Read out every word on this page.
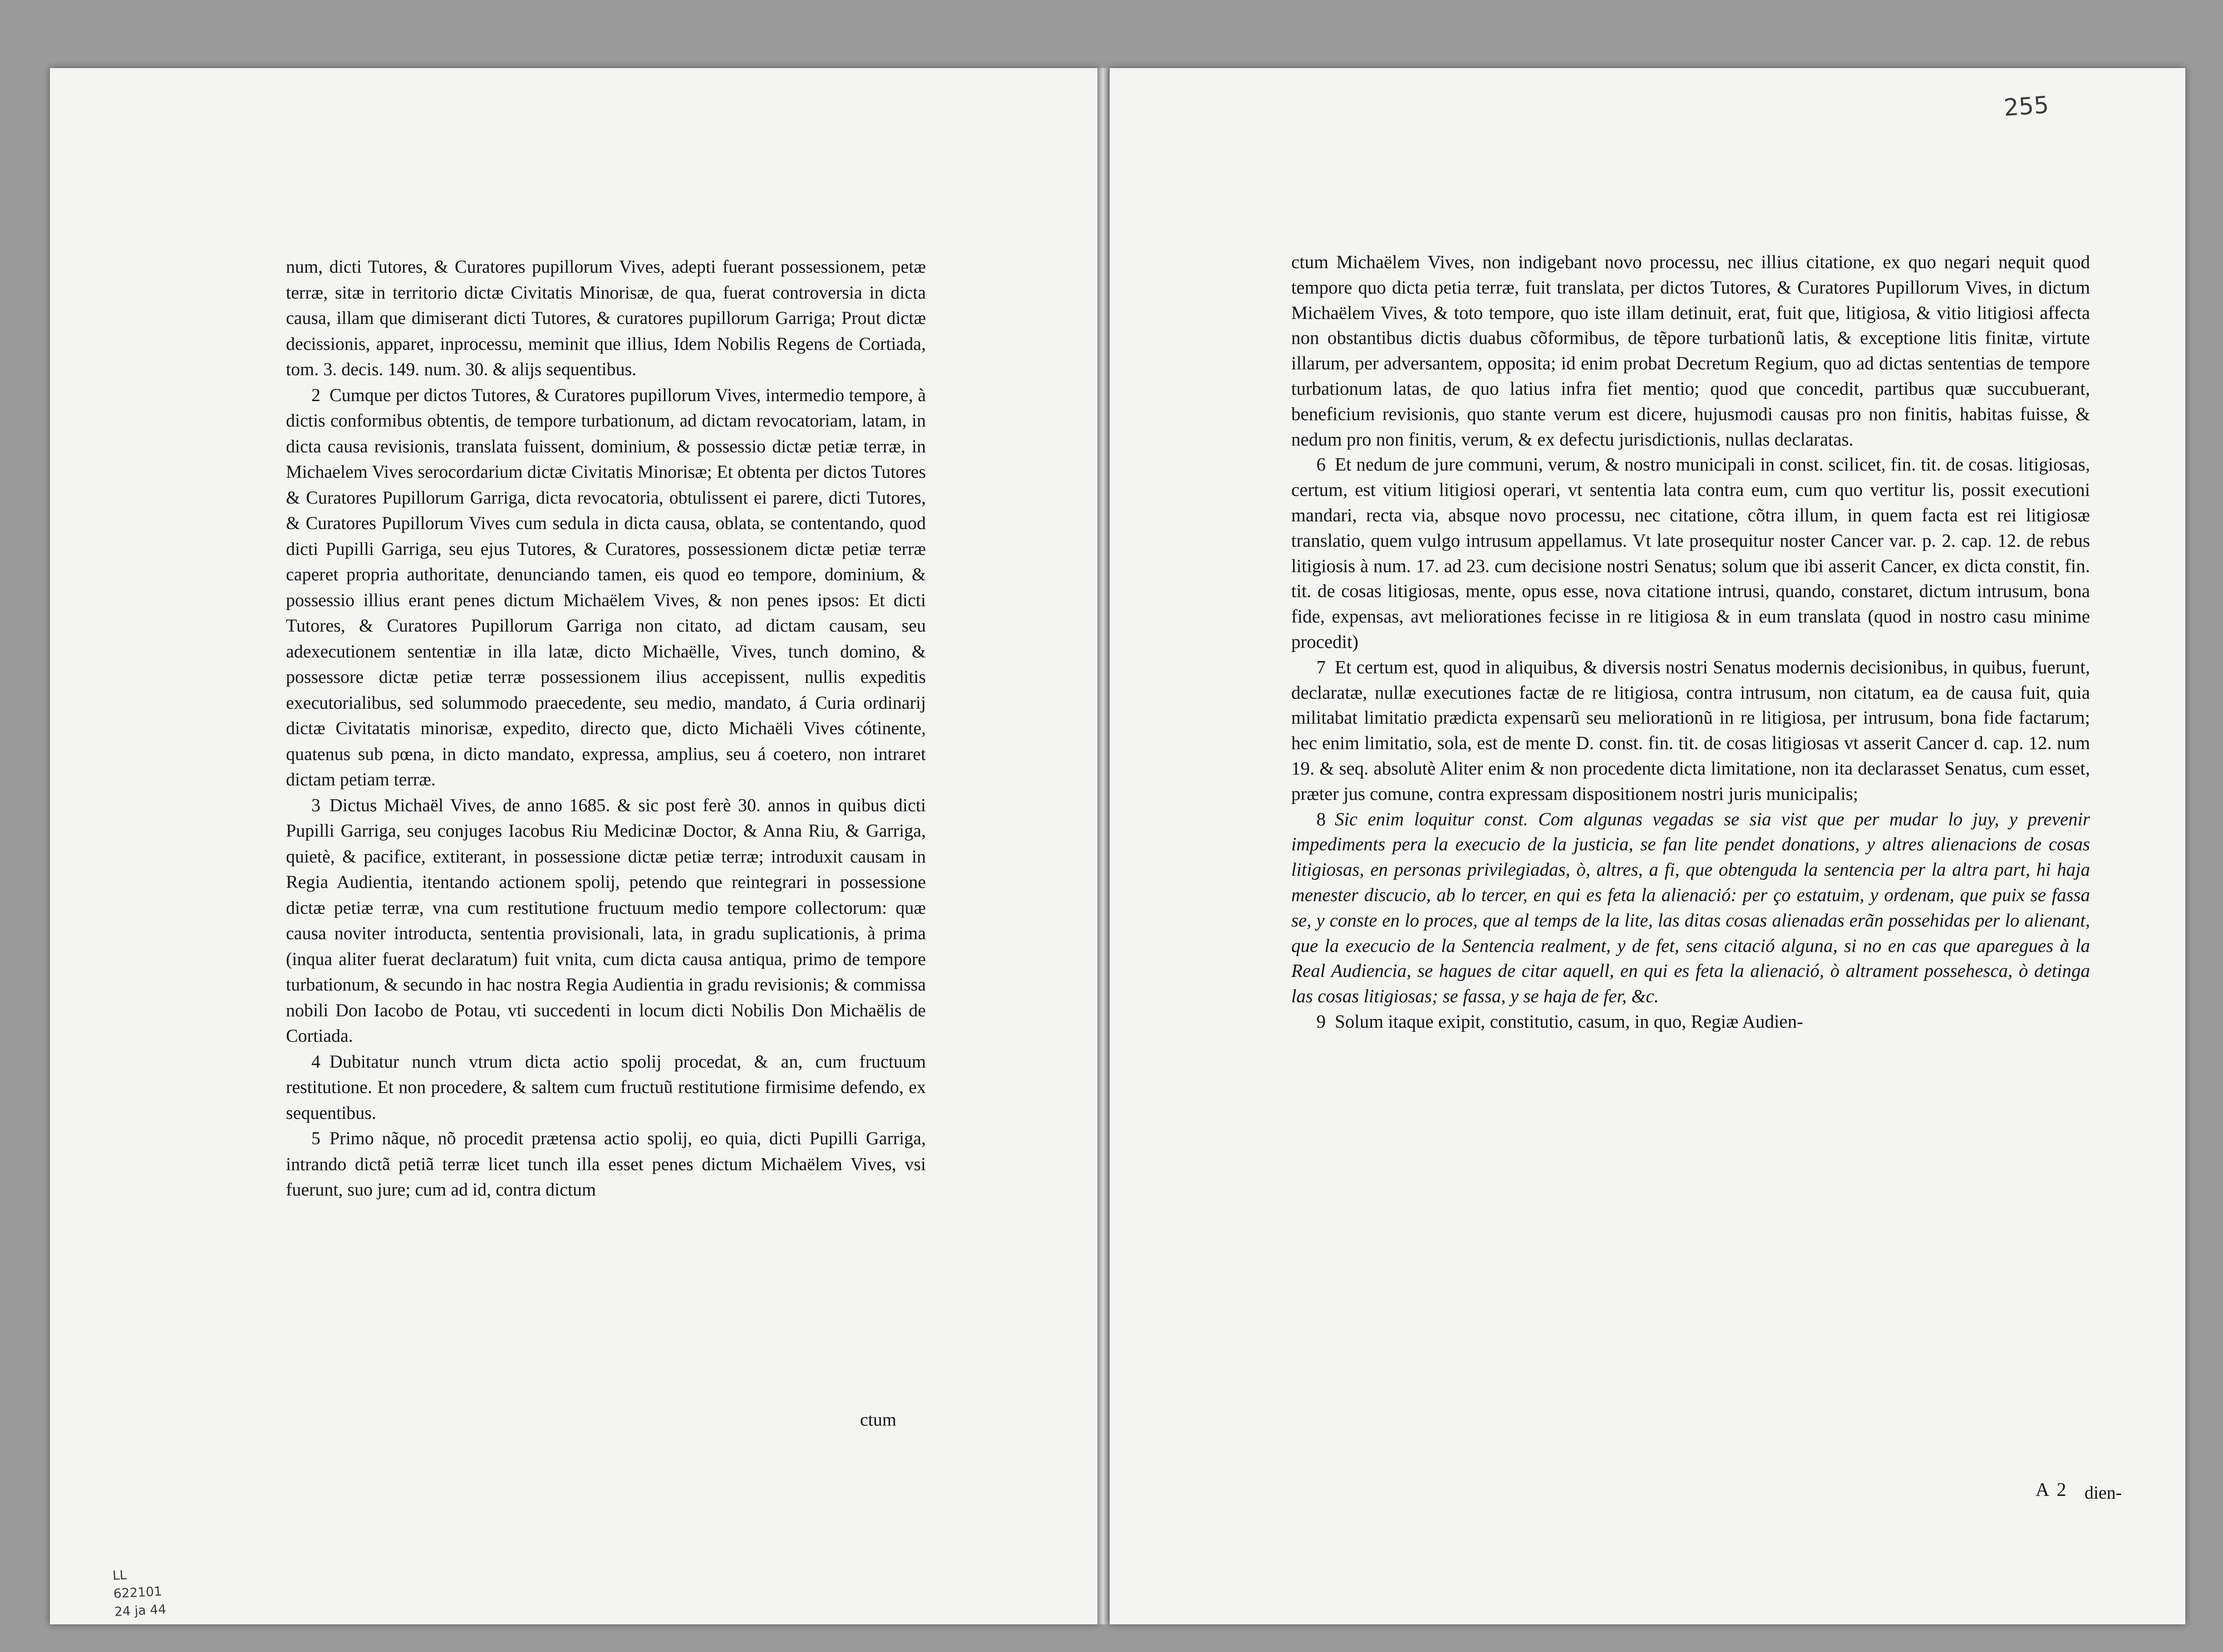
num, dicti Tutores, & Curatores pupillorum Vives, adepti fuerant possessionem, petæ terræ, sitæ in territorio dictæ Civitatis Minorisæ, de qua, fuerat controversia in dicta causa, illam que dimiserant dicti Tutores, & curatores pupillorum Garriga; Prout dictæ decissionis, apparet, inprocessu, meminit que illius, Idem Nobilis Regens de Cortiada, tom. 3. decis. 149. num. 30. & alijs sequentibus.

2 Cumque per dictos Tutores, & Curatores pupillorum Vives, intermedio tempore, à dictis conformibus obtentis, de tempore turbationum, ad dictam revocatoriam, latam, in dicta causa revisionis, translata fuissent, dominium, & possessio dictæ petiæ terræ, in Michaelem Vives serocordarium dictæ Civitatis Minorisæ; Et obtenta per dictos Tutores & Curatores Pupillorum Garriga, dicta revocatoria, obtulissent ei parere, dicti Tutores, & Curatores Pupillorum Vives cum sedula in dicta causa, oblata, se contentando, quod dicti Pupilli Garriga, seu ejus Tutores, & Curatores, possessionem dictæ petiæ terræ caperet propria authoritate, denunciando tamen, eis quod eo tempore, dominium, & possessio illius erant penes dictum Michaëlem Vives, & non penes ipsos: Et dicti Tutores, & Curatores Pupillorum Garriga non citato, ad dictam causam, seu adexecutionem sententiæ in illa latæ, dicto Michaëlle, Vives, tunch domino, & possessore dictæ petiæ terræ possessionem ilius accepissent, nullis expeditis executorialibus, sed solummodo praecedente, seu medio, mandato, á Curia ordinarij dictæ Civitatatis minorisæ, expedito, directo que, dicto Michaëli Vives cótinente, quatenus sub pœna, in dicto mandato, expressa, amplius, seu á coetero, non intraret dictam petiam terræ.

3 Dictus Michaël Vives, de anno 1685. & sic post ferè 30. annos in quibus dicti Pupilli Garriga, seu conjuges Iacobus Riu Medicinæ Doctor, & Anna Riu, & Garriga, quietè, & pacifice, extiterant, in possessione dictæ petiæ terræ; introduxit causam in Regia Audientia, itentando actionem spolij, petendo que reintegrari in possessione dictæ petiæ terræ, vna cum restitutione fructuum medio tempore collectorum: quæ causa noviter introducta, sententia provisionali, lata, in gradu suplicationis, à prima (inqua aliter fuerat declaratum) fuit vnita, cum dicta causa antiqua, primo de tempore turbationum, & secundo in hac nostra Regia Audientia in gradu revisionis; & commissa nobili Don Iacobo de Potau, vti succedenti in locum dicti Nobilis Don Michaëlis de Cortiada.

4 Dubitatur nunch vtrum dicta actio spolij procedat, & an, cum fructuum restitutione. Et non procedere, & saltem cum fructuũ restitutione firmisime defendo, ex sequentibus.

5 Primo nãque, nõ procedit prætensa actio spolij, eo quia, dicti Pupilli Garriga, intrando dictã petiã terræ licet tunch illa esset penes dictum Michaëlem Vives, vsi fuerunt, suo jure; cum ad id, contra dictum

ctum
LL
622101
24 ja 44
255

ctum Michaëlem Vives, non indigebant novo processu, nec illius citatione, ex quo negari nequit quod tempore quo dicta petia terræ, fuit translata, per dictos Tutores, & Curatores Pupillorum Vives, in dictum Michaëlem Vives, & toto tempore, quo iste illam detinuit, erat, fuit que, litigiosa, & vitio litigiosi affecta non obstantibus dictis duabus cõformibus, de tẽpore turbationũ latis, & exceptione litis finitæ, virtute illarum, per adversantem, opposita; id enim probat Decretum Regium, quo ad dictas sententias de tempore turbationum latas, de quo latius infra fiet mentio; quod que concedit, partibus quæ succubuerant, beneficium revisionis, quo stante verum est dicere, hujusmodi causas pro non finitis, habitas fuisse, & nedum pro non finitis, verum, & ex defectu jurisdictionis, nullas declaratas.

6 Et nedum de jure communi, verum, & nostro municipali in const. scilicet, fin. tit. de cosas. litigiosas, certum, est vitium litigiosi operari, vt sententia lata contra eum, cum quo vertitur lis, possit executioni mandari, recta via, absque novo processu, nec citatione, cõtra illum, in quem facta est rei litigiosæ translatio, quem vulgo intrusum appellamus. Vt late prosequitur noster Cancer var. p. 2. cap. 12. de rebus litigiosis à num. 17. ad 23. cum decisione nostri Senatus; solum que ibi asserit Cancer, ex dicta constit, fin. tit. de cosas litigiosas, mente, opus esse, nova citatione intrusi, quando, constaret, dictum intrusum, bona fide, expensas, avt meliorationes fecisse in re litigiosa & in eum translata (quod in nostro casu minime procedit)

7 Et certum est, quod in aliquibus, & diversis nostri Senatus modernis decisionibus, in quibus, fuerunt, declaratæ, nullæ executiones factæ de re litigiosa, contra intrusum, non citatum, ea de causa fuit, quia militabat limitatio prædicta expensarũ seu meliorationũ in re litigiosa, per intrusum, bona fide factarum; hec enim limitatio, sola, est de mente D. const. fin. tit. de cosas litigiosas vt asserit Cancer d. cap. 12. num 19. & seq. absolutè Aliter enim & non procedente dicta limitatione, non ita declarasset Senatus, cum esset, præter jus comune, contra expressam dispositionem nostri juris municipalis;

8 Sic enim loquitur const. Com algunas vegadas se sia vist que per mudar lo juy, y prevenir impediments pera la execucio de la justicia, se fan lite pendet donations, y altres alienacions de cosas litigiosas, en personas privilegiadas, ò, altres, a fi, que obtenguda la sentencia per la altra part, hi haja menester discucio, ab lo tercer, en qui es feta la alienació: per ço estatuim, y ordenam, que puix se fassa se, y conste en lo proces, que al temps de la lite, las ditas cosas alienadas erãn possehidas per lo alienant, que la execucio de la Sentencia realment, y de fet, sens citació alguna, si no en cas que aparegues à la Real Audiencia, se hagues de citar aquell, en qui es feta la alienació, ò altrament possehesca, ò detinga las cosas litigiosas; se fassa, y se haja de fer, &c.

9 Solum itaque exipit, constitutio, casum, in quo, Regiæ Audien-

A 2 dien-
